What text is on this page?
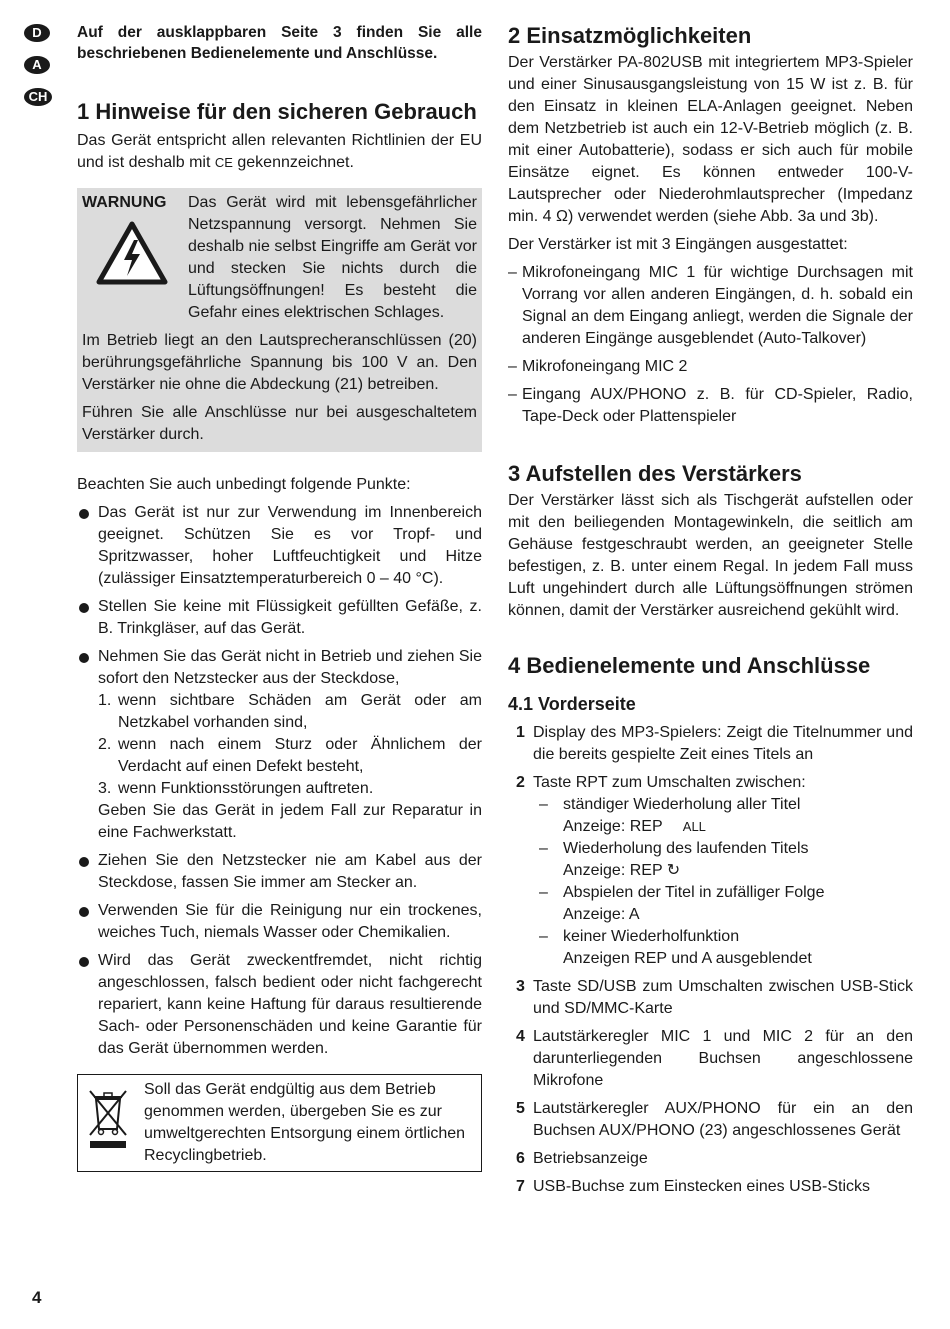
D
A
CH
Auf der ausklappbaren Seite 3 finden Sie alle beschriebenen Bedienelemente und Anschlüsse.
1 Hinweise für den sicheren Gebrauch

Das Gerät entspricht allen relevanten Richtlinien der EU und ist deshalb mit CE gekennzeichnet.

WARNUNG	Das Gerät wird mit lebensgefährlicher Netzspannung versorgt. Nehmen Sie deshalb nie selbst Eingriffe am Gerät vor und stecken Sie nichts durch die Lüftungsöffnungen! Es besteht die Gefahr eines elektrischen Schlages.

Im Betrieb liegt an den Lautsprecheranschlüssen (20) berührungsgefährliche Spannung bis 100 V an. Den Verstärker nie ohne die Abdeckung (21) betreiben.

Führen Sie alle Anschlüsse nur bei ausgeschaltetem Verstärker durch.

Beachten Sie auch unbedingt folgende Punkte:

Das Gerät ist nur zur Verwendung im Innenbereich geeignet. Schützen Sie es vor Tropf- und Spritzwasser, hoher Luftfeuchtigkeit und Hitze (zulässiger Einsatztemperaturbereich 0 – 40 °C).
Stellen Sie keine mit Flüssigkeit gefüllten Gefäße, z. B. Trinkgläser, auf das Gerät.
Nehmen Sie das Gerät nicht in Betrieb und ziehen Sie sofort den Netzstecker aus der Steckdose,
1. wenn sichtbare Schäden am Gerät oder am Netzkabel vorhanden sind,
2. wenn nach einem Sturz oder Ähnlichem der Verdacht auf einen Defekt besteht,
3. wenn Funktionsstörungen auftreten.
Geben Sie das Gerät in jedem Fall zur Reparatur in eine Fachwerkstatt.
Ziehen Sie den Netzstecker nie am Kabel aus der Steckdose, fassen Sie immer am Stecker an.
Verwenden Sie für die Reinigung nur ein trockenes, weiches Tuch, niemals Wasser oder Chemikalien.
Wird das Gerät zweckentfremdet, nicht richtig angeschlossen, falsch bedient oder nicht fachgerecht repariert, kann keine Haftung für daraus resultierende Sach- oder Personenschäden und keine Garantie für das Gerät übernommen werden.
Soll das Gerät endgültig aus dem Betrieb genommen werden, übergeben Sie es zur umweltgerechten Entsorgung einem örtlichen Recyclingbetrieb.
2 Einsatzmöglichkeiten

Der Verstärker PA-802USB mit integriertem MP3-Spieler und einer Sinusausgangsleistung von 15 W ist z. B. für den Einsatz in kleinen ELA-Anlagen geeignet. Neben dem Netzbetrieb ist auch ein 12-V-Betrieb möglich (z. B. mit einer Autobatterie), sodass er sich auch für mobile Einsätze eignet. Es können entweder 100-V-Lautsprecher oder Niederohmlautsprecher (Impedanz min. 4 Ω) verwendet werden (siehe Abb. 3a und 3b).

Der Verstärker ist mit 3 Eingängen ausgestattet:

– Mikrofoneingang MIC 1 für wichtige Durchsagen mit Vorrang vor allen anderen Eingängen, d. h. sobald ein Signal an dem Eingang anliegt, werden die Signale der anderen Eingänge ausgeblendet (Auto-Talkover)
– Mikrofoneingang MIC 2
– Eingang AUX/PHONO z. B. für CD-Spieler, Radio, Tape-Deck oder Plattenspieler
3 Aufstellen des Verstärkers

Der Verstärker lässt sich als Tischgerät aufstellen oder mit den beiliegenden Montagewinkeln, die seitlich am Gehäuse festgeschraubt werden, an geeigneter Stelle befestigen, z. B. unter einem Regal. In jedem Fall muss Luft ungehindert durch alle Lüftungsöffnungen strömen können, damit der Verstärker ausreichend gekühlt wird.

4 Bedienelemente und Anschlüsse
4.1 Vorderseite
1 Display des MP3-Spielers: Zeigt die Titelnummer und die bereits gespielte Zeit eines Titels an
2 Taste RPT zum Umschalten zwischen:
– ständiger Wiederholung aller Titel
Anzeige: REP ALL
– Wiederholung des laufenden Titels
Anzeige: REP ↻
– Abspielen der Titel in zufälliger Folge
Anzeige: A
– keiner Wiederholfunktion
Anzeigen REP und A ausgeblendet
3 Taste SD/USB zum Umschalten zwischen USB-Stick und SD/MMC-Karte
4 Lautstärkeregler MIC 1 und MIC 2 für an den darunterliegenden Buchsen angeschlossene Mikrofone
5 Lautstärkeregler AUX/PHONO für ein an den Buchsen AUX/PHONO (23) angeschlossenes Gerät
6 Betriebsanzeige
7 USB-Buchse zum Einstecken eines USB-Sticks
4
